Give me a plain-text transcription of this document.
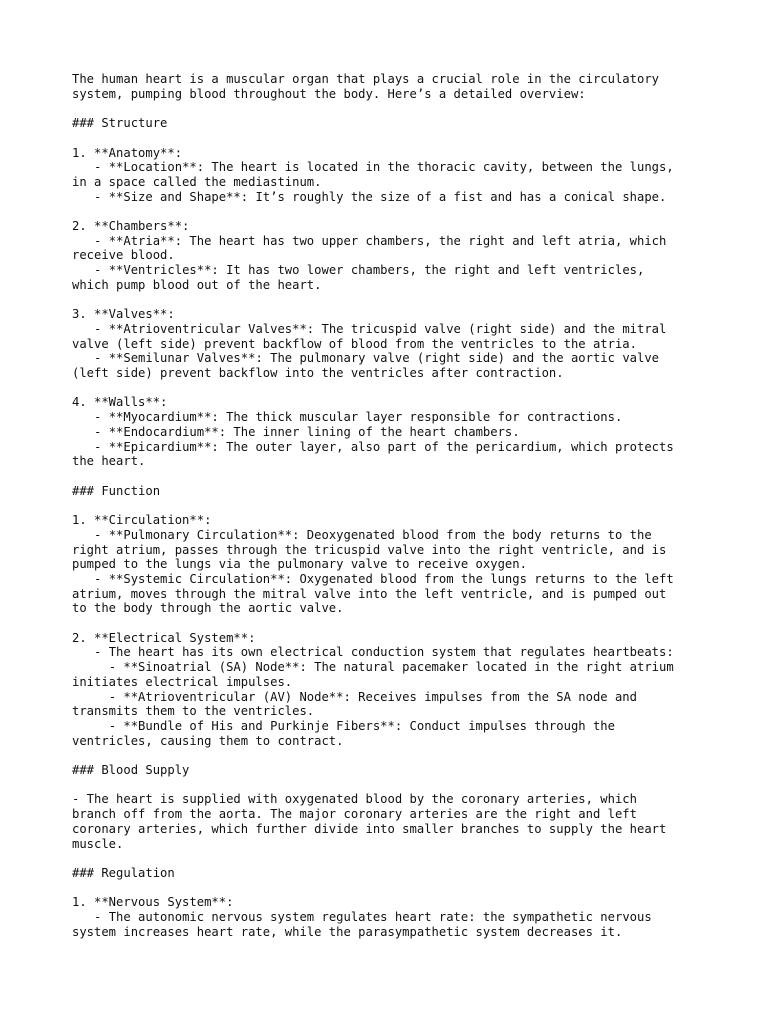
The human heart is a muscular organ that plays a crucial role in the circulatory
system, pumping blood throughout the body. Here’s a detailed overview:

### Structure

1. **Anatomy**:
- **Location**: The heart is located in the thoracic cavity, between the lungs,
in a space called the mediastinum.
- **Size and Shape**: It’s roughly the size of a fist and has a conical shape.

2. **Chambers**:
- **Atria**: The heart has two upper chambers, the right and left atria, which
receive blood.
- **Ventricles**: It has two lower chambers, the right and left ventricles,
which pump blood out of the heart.

3. **Valves**:
- **Atrioventricular Valves**: The tricuspid valve (right side) and the mitral
valve (left side) prevent backflow of blood from the ventricles to the atria.
- **Semilunar Valves**: The pulmonary valve (right side) and the aortic valve
(left side) prevent backflow into the ventricles after contraction.

4. **Walls**:
- **Myocardium**: The thick muscular layer responsible for contractions.
- **Endocardium**: The inner lining of the heart chambers.
- **Epicardium**: The outer layer, also part of the pericardium, which protects
the heart.

### Function

1. **Circulation**:
- **Pulmonary Circulation**: Deoxygenated blood from the body returns to the
right atrium, passes through the tricuspid valve into the right ventricle, and is
pumped to the lungs via the pulmonary valve to receive oxygen.
- **Systemic Circulation**: Oxygenated blood from the lungs returns to the left
atrium, moves through the mitral valve into the left ventricle, and is pumped out
to the body through the aortic valve.

2. **Electrical System**:
- The heart has its own electrical conduction system that regulates heartbeats:
- **Sinoatrial (SA) Node**: The natural pacemaker located in the right atrium
initiates electrical impulses.
- **Atrioventricular (AV) Node**: Receives impulses from the SA node and
transmits them to the ventricles.
- **Bundle of His and Purkinje Fibers**: Conduct impulses through the
ventricles, causing them to contract.

### Blood Supply

- The heart is supplied with oxygenated blood by the coronary arteries, which
branch off from the aorta. The major coronary arteries are the right and left
coronary arteries, which further divide into smaller branches to supply the heart
muscle.

### Regulation

1. **Nervous System**:
- The autonomic nervous system regulates heart rate: the sympathetic nervous
system increases heart rate, while the parasympathetic system decreases it.
